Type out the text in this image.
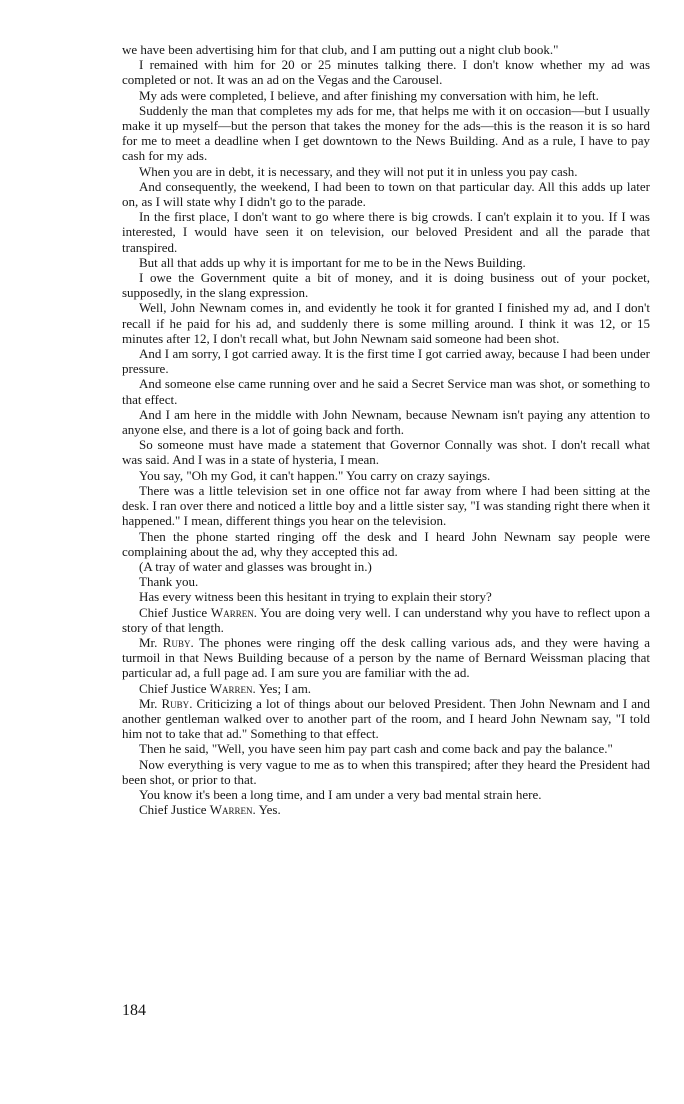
we have been advertising him for that club, and I am putting out a night club book."

I remained with him for 20 or 25 minutes talking there. I don't know whether my ad was completed or not. It was an ad on the Vegas and the Carousel.

My ads were completed, I believe, and after finishing my conversation with him, he left.

Suddenly the man that completes my ads for me, that helps me with it on occasion—but I usually make it up myself—but the person that takes the money for the ads—this is the reason it is so hard for me to meet a deadline when I get downtown to the News Building. And as a rule, I have to pay cash for my ads.

When you are in debt, it is necessary, and they will not put it in unless you pay cash.

And consequently, the weekend, I had been to town on that particular day. All this adds up later on, as I will state why I didn't go to the parade.

In the first place, I don't want to go where there is big crowds. I can't explain it to you. If I was interested, I would have seen it on television, our beloved President and all the parade that transpired.

But all that adds up why it is important for me to be in the News Building.

I owe the Government quite a bit of money, and it is doing business out of your pocket, supposedly, in the slang expression.

Well, John Newnam comes in, and evidently he took it for granted I finished my ad, and I don't recall if he paid for his ad, and suddenly there is some milling around. I think it was 12, or 15 minutes after 12, I don't recall what, but John Newnam said someone had been shot.

And I am sorry, I got carried away. It is the first time I got carried away, because I had been under pressure.

And someone else came running over and he said a Secret Service man was shot, or something to that effect.

And I am here in the middle with John Newnam, because Newnam isn't paying any attention to anyone else, and there is a lot of going back and forth.

So someone must have made a statement that Governor Connally was shot. I don't recall what was said. And I was in a state of hysteria, I mean.

You say, "Oh my God, it can't happen." You carry on crazy sayings.

There was a little television set in one office not far away from where I had been sitting at the desk. I ran over there and noticed a little boy and a little sister say, "I was standing right there when it happened." I mean, different things you hear on the television.

Then the phone started ringing off the desk and I heard John Newnam say people were complaining about the ad, why they accepted this ad.

(A tray of water and glasses was brought in.)

Thank you.

Has every witness been this hesitant in trying to explain their story?

Chief Justice Warren. You are doing very well. I can understand why you have to reflect upon a story of that length.

Mr. Ruby. The phones were ringing off the desk calling various ads, and they were having a turmoil in that News Building because of a person by the name of Bernard Weissman placing that particular ad, a full page ad. I am sure you are familiar with the ad.

Chief Justice Warren. Yes; I am.

Mr. Ruby. Criticizing a lot of things about our beloved President. Then John Newnam and I and another gentleman walked over to another part of the room, and I heard John Newnam say, "I told him not to take that ad." Something to that effect.

Then he said, "Well, you have seen him pay part cash and come back and pay the balance."

Now everything is very vague to me as to when this transpired; after they heard the President had been shot, or prior to that.

You know it's been a long time, and I am under a very bad mental strain here.

Chief Justice Warren. Yes.

184
